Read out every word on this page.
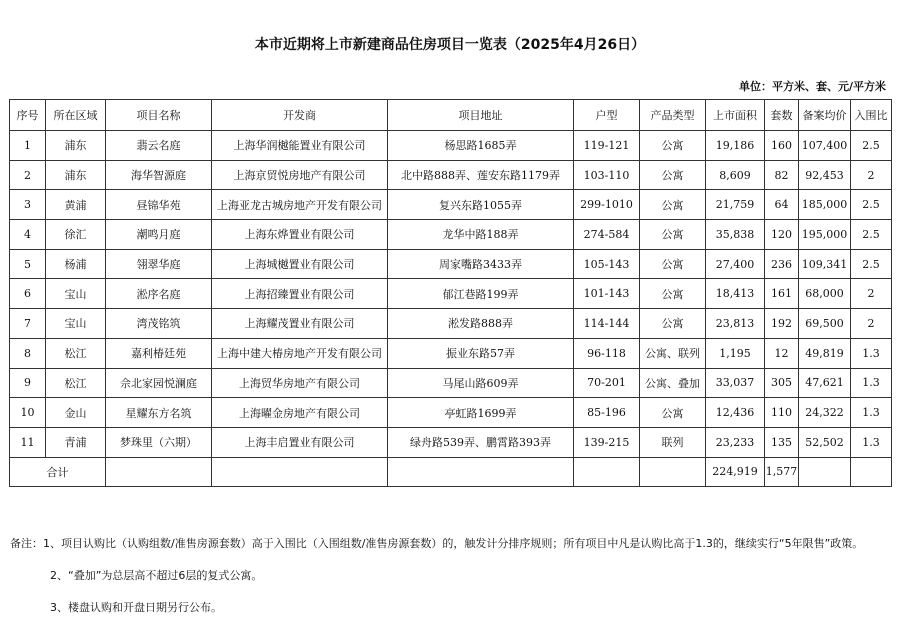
本市近期将上市新建商品住房项目一览表（2025年4月26日）
单位：平方米、套、元/平方米
序号	所在区域	项目名称	开发商	项目地址	户型	产品类型	上市面积	套数	备案均价	入围比
1	浦东	翡云名庭	上海华润樾能置业有限公司	杨思路1685弄	119-121	公寓	19,186	160	107,400	2.5
2	浦东	海华智源庭	上海京贸悦房地产有限公司	北中路888弄、莲安东路1179弄	103-110	公寓	8,609	82	92,453	2
3	黄浦	昼锦华苑	上海亚龙古城房地产开发有限公司	复兴东路1055弄	299-1010	公寓	21,759	64	185,000	2.5
4	徐汇	潮鸣月庭	上海东烨置业有限公司	龙华中路188弄	274-584	公寓	35,838	120	195,000	2.5
5	杨浦	翎翠华庭	上海城樾置业有限公司	周家嘴路3433弄	105-143	公寓	27,400	236	109,341	2.5
6	宝山	淞序名庭	上海招臻置业有限公司	郁江巷路199弄	101-143	公寓	18,413	161	68,000	2
7	宝山	湾茂铭筑	上海耀茂置业有限公司	淞发路888弄	114-144	公寓	23,813	192	69,500	2
8	松江	嘉利椿廷苑	上海中建大椿房地产开发有限公司	振业东路57弄	96-118	公寓、联列	1,195	12	49,819	1.3
9	松江	佘北家园悦澜庭	上海贸华房地产有限公司	马尾山路609弄	70-201	公寓、叠加	33,037	305	47,621	1.3
10	金山	星耀东方名筑	上海曜金房地产有限公司	亭虹路1699弄	85-196	公寓	12,436	110	24,322	1.3
11	青浦	梦珠里（六期）	上海丰启置业有限公司	绿舟路539弄、鹏霄路393弄	139-215	联列	23,233	135	52,502	1.3
合计							224,919	1,577		
备注：1、项目认购比（认购组数/准售房源套数）高于入围比（入围组数/准售房源套数）的，触发计分排序规则；所有项目中凡是认购比高于1.3的，继续实行“5年限售”政策。
2、“叠加”为总层高不超过6层的复式公寓。
3、楼盘认购和开盘日期另行公布。
